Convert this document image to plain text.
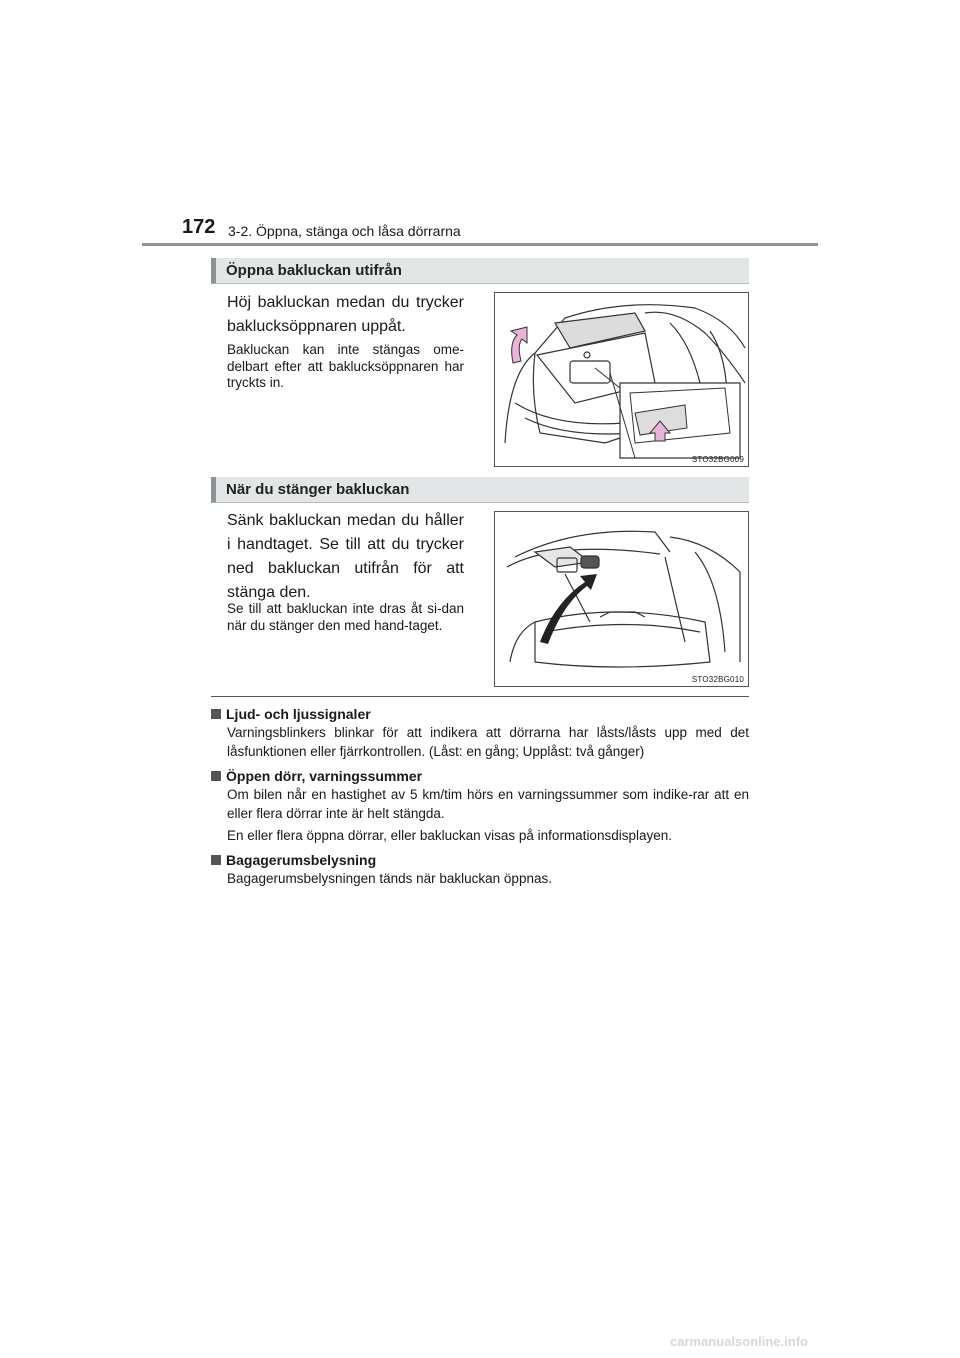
172 3-2. Öppna, stänga och låsa dörrarna
Öppna bakluckan utifrån
Höj bakluckan medan du trycker baklucksöppnaren uppåt.
Bakluckan kan inte stängas ome-delbart efter att baklucksöppnaren har tryckts in.
STO32BG009
När du stänger bakluckan
Sänk bakluckan medan du håller i handtaget. Se till att du trycker ned bakluckan utifrån för att stänga den.
Se till att bakluckan inte dras åt si-dan när du stänger den med hand-taget.
STO32BG010
Ljud- och ljussignaler

Varningsblinkers blinkar för att indikera att dörrarna har låsts/låsts upp med det låsfunktionen eller fjärrkontrollen. (Låst: en gång; Upplåst: två gånger)

Öppen dörr, varningssummer

Om bilen når en hastighet av 5 km/tim hörs en varningssummer som indike-rar att en eller flera dörrar inte är helt stängda.

En eller flera öppna dörrar, eller bakluckan visas på informationsdisplayen.

Bagagerumsbelysning

Bagagerumsbelysningen tänds när bakluckan öppnas.

carmanualsonline.info
